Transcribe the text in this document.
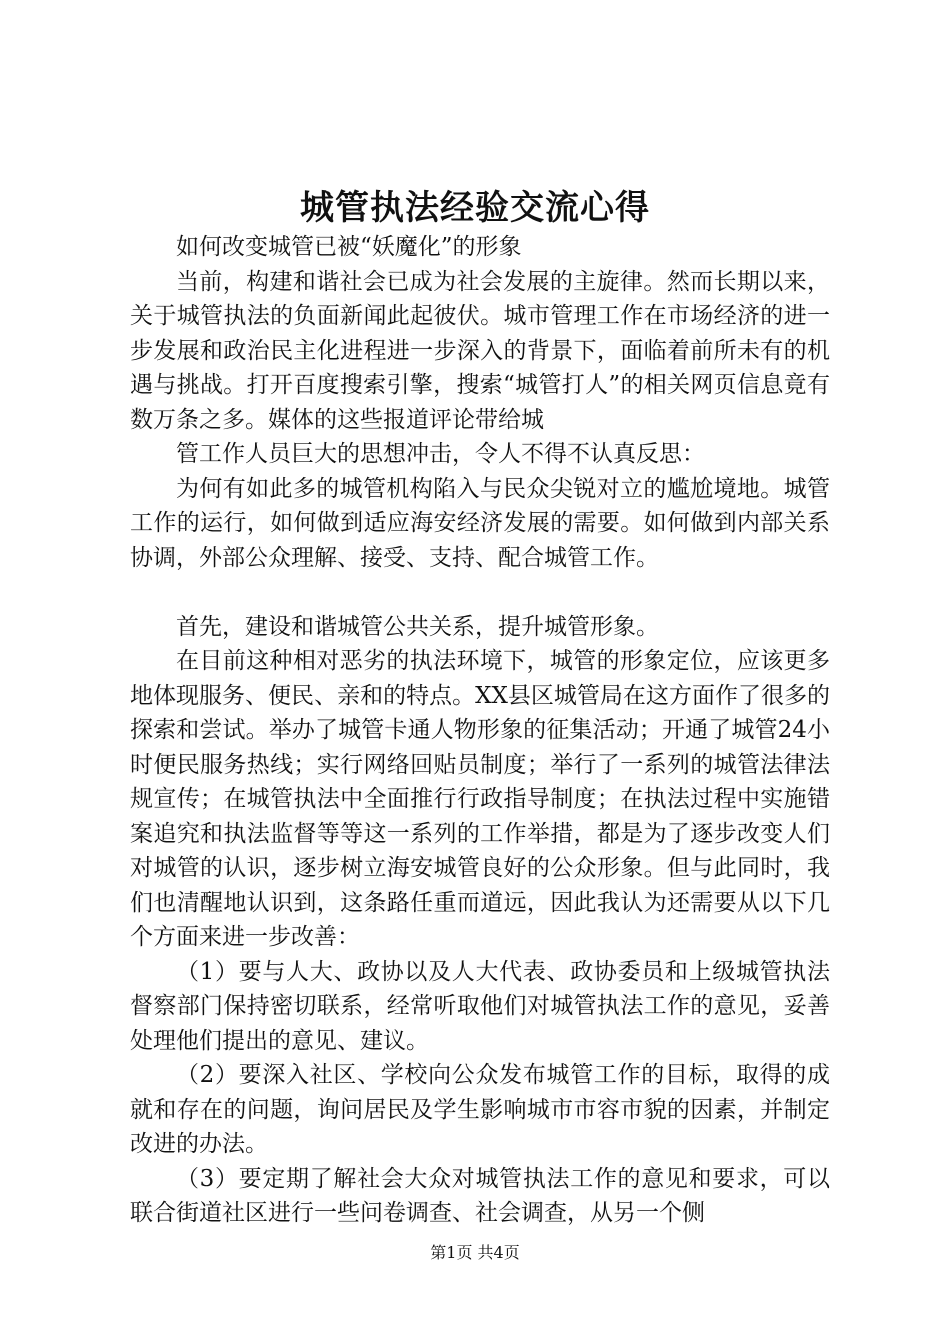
城管执法经验交流心得

如何改变城管已被“妖魔化”的形象

当前，构建和谐社会已成为社会发展的主旋律。然而长期以来，关于城管执法的负面新闻此起彼伏。城市管理工作在市场经济的进一步发展和政治民主化进程进一步深入的背景下，面临着前所未有的机遇与挑战。打开百度搜索引擎，搜索“城管打人”的相关网页信息竟有数万条之多。媒体的这些报道评论带给城

管工作人员巨大的思想冲击，令人不得不认真反思：

为何有如此多的城管机构陷入与民众尖锐对立的尴尬境地。城管工作的运行，如何做到适应海安经济发展的需要。如何做到内部关系协调，外部公众理解、接受、支持、配合城管工作。

首先，建设和谐城管公共关系，提升城管形象。

在目前这种相对恶劣的执法环境下，城管的形象定位，应该更多地体现服务、便民、亲和的特点。XX县区城管局在这方面作了很多的探索和尝试。举办了城管卡通人物形象的征集活动；开通了城管24小时便民服务热线；实行网络回贴员制度；举行了一系列的城管法律法规宣传；在城管执法中全面推行行政指导制度；在执法过程中实施错案追究和执法监督等等这一系列的工作举措，都是为了逐步改变人们对城管的认识，逐步树立海安城管良好的公众形象。但与此同时，我们也清醒地认识到，这条路任重而道远，因此我认为还需要从以下几个方面来进一步改善：

（1）要与人大、政协以及人大代表、政协委员和上级城管执法督察部门保持密切联系，经常听取他们对城管执法工作的意见，妥善处理他们提出的意见、建议。

（2）要深入社区、学校向公众发布城管工作的目标，取得的成就和存在的问题，询问居民及学生影响城市市容市貌的因素，并制定改进的办法。

（3）要定期了解社会大众对城管执法工作的意见和要求，可以联合街道社区进行一些问卷调查、社会调查，从另一个侧

第1页 共4页
